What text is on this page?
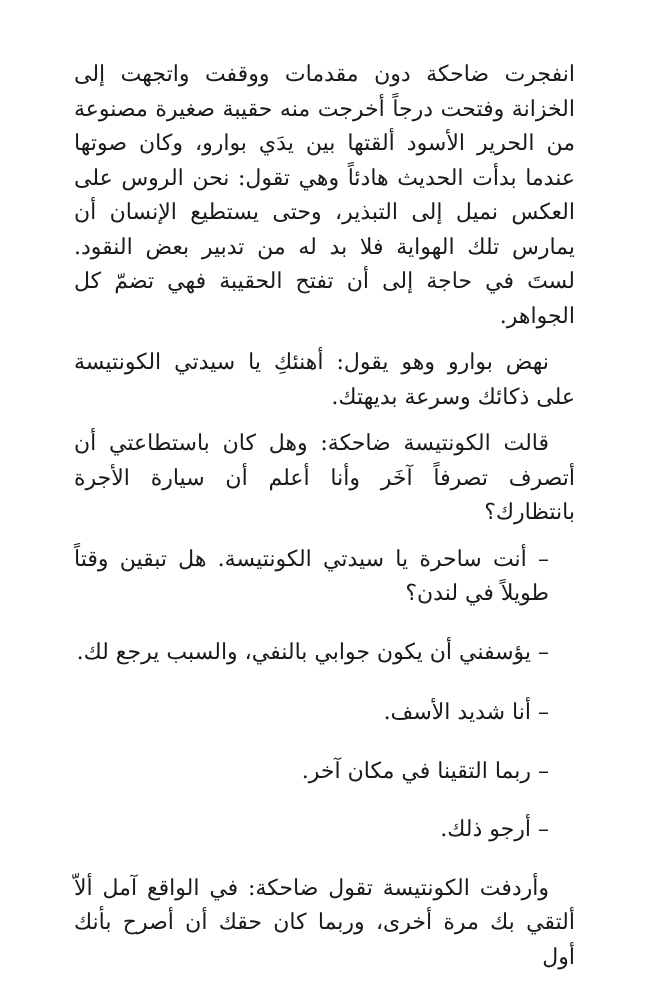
انفجرت ضاحكة دون مقدمات ووقفت واتجهت إلى الخزانة وفتحت درجاً أخرجت منه حقيبة صغيرة مصنوعة من الحرير الأسود ألقتها بين يدَي بوارو، وكان صوتها عندما بدأت الحديث هادئاً وهي تقول: نحن الروس على العكس نميل إلى التبذير، وحتى يستطيع الإنسان أن يمارس تلك الهواية فلا بد له من تدبير بعض النقود. لستَ في حاجة إلى أن تفتح الحقيبة فهي تضمّ كل الجواهر.

نهض بوارو وهو يقول: أهنئكِ يا سيدتي الكونتيسة على ذكائك وسرعة بديهتك.

قالت الكونتيسة ضاحكة: وهل كان باستطاعتي أن أتصرف تصرفاً آخَر وأنا أعلم أن سيارة الأجرة بانتظارك؟

– أنت ساحرة يا سيدتي الكونتيسة. هل تبقين وقتاً طويلاً في لندن؟

– يؤسفني أن يكون جوابي بالنفي، والسبب يرجع لك.

– أنا شديد الأسف.

– ربما التقينا في مكان آخر.

– أرجو ذلك.

وأردفت الكونتيسة تقول ضاحكة: في الواقع آمل ألاّ ألتقي بك مرة أخرى، وربما كان حقك أن أصرح بأنك أول
